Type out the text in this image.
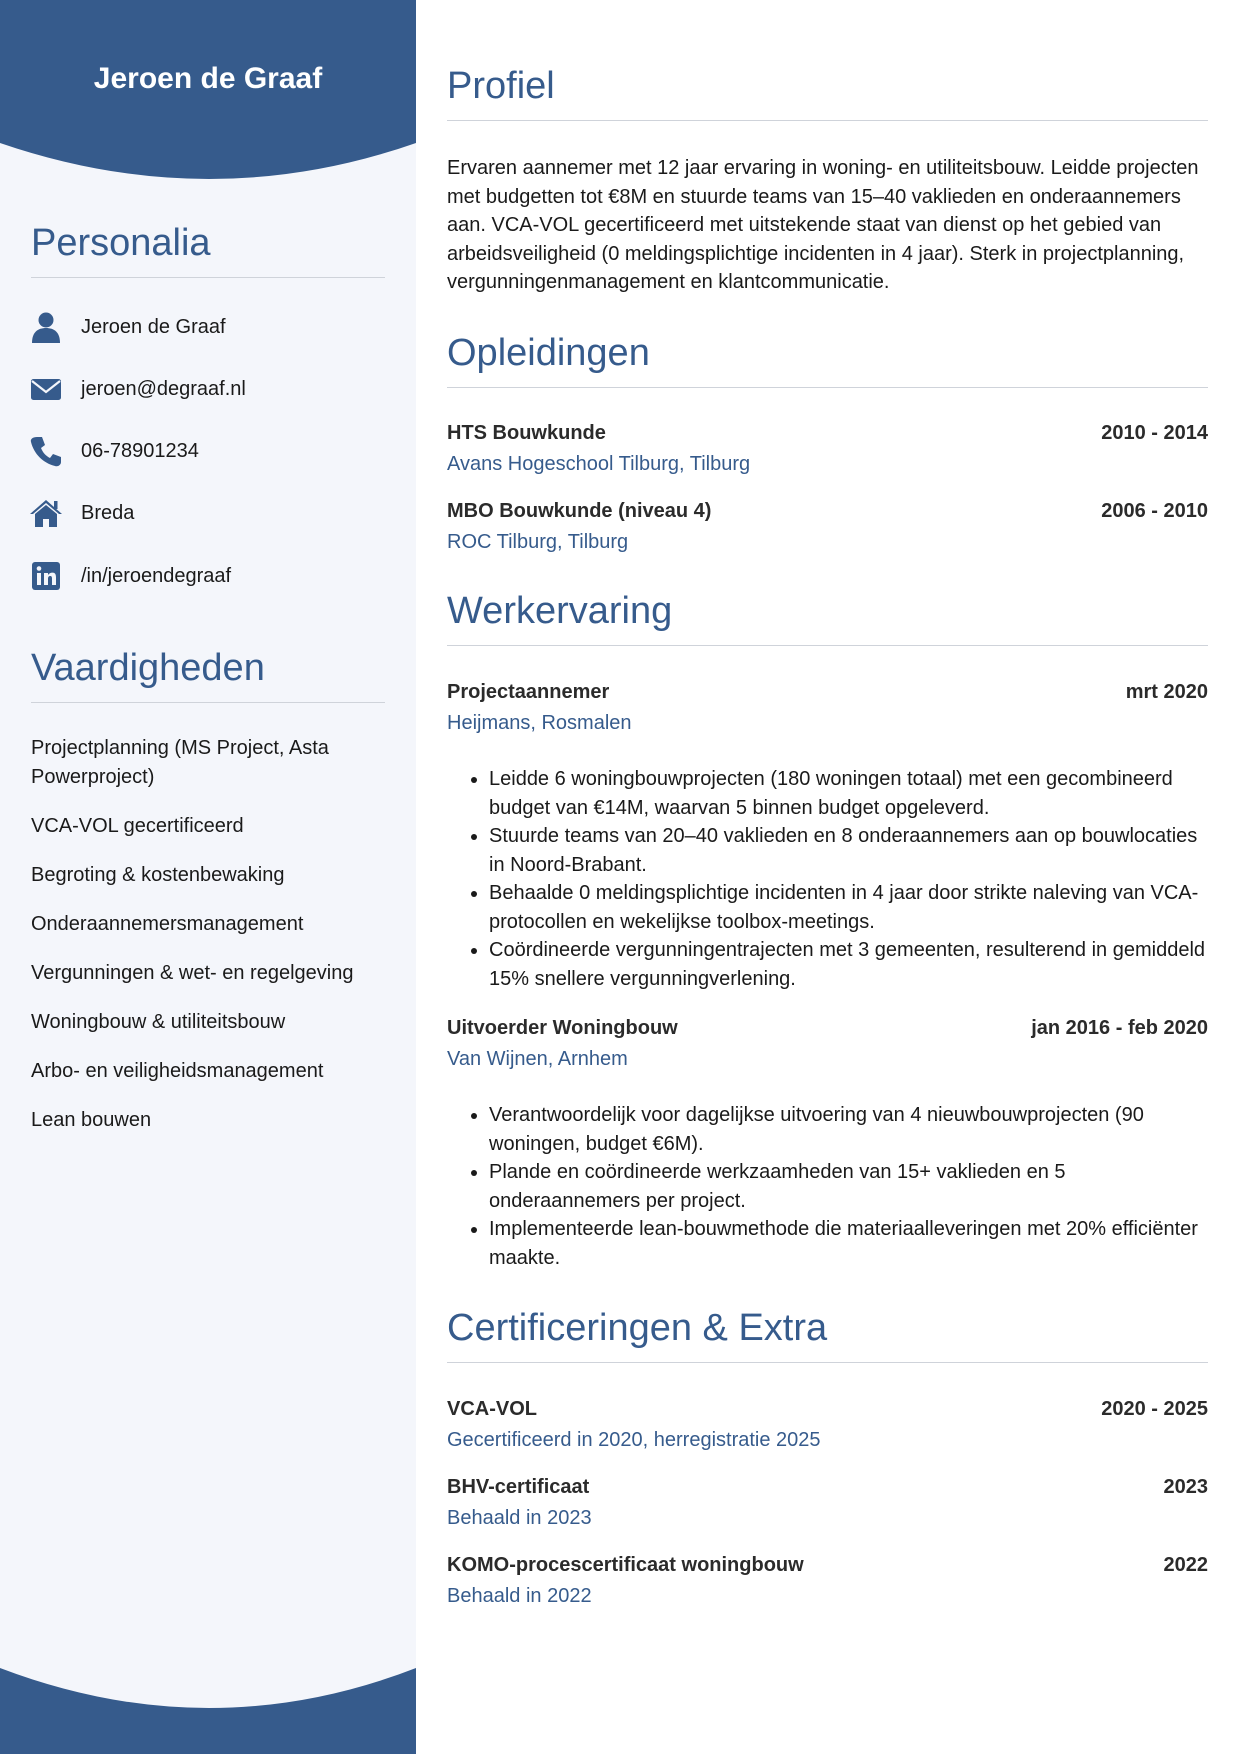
Jeroen de Graaf
Personalia
Jeroen de Graaf
jeroen@degraaf.nl
06-78901234
Breda
/in/jeroendegraaf
Vaardigheden
Projectplanning (MS Project, Asta Powerproject)
VCA-VOL gecertificeerd
Begroting & kostenbewaking
Onderaannemersmanagement
Vergunningen & wet- en regelgeving
Woningbouw & utiliteitsbouw
Arbo- en veiligheidsmanagement
Lean bouwen
Profiel
Ervaren aannemer met 12 jaar ervaring in woning- en utiliteitsbouw. Leidde projecten met budgetten tot €8M en stuurde teams van 15–40 vaklieden en onderaannemers aan. VCA-VOL gecertificeerd met uitstekende staat van dienst op het gebied van arbeidsveiligheid (0 meldingsplichtige incidenten in 4 jaar). Sterk in projectplanning, vergunningenmanagement en klantcommunicatie.
Opleidingen
HTS Bouwkunde	2010 - 2014
Avans Hogeschool Tilburg, Tilburg
MBO Bouwkunde (niveau 4)	2006 - 2010
ROC Tilburg, Tilburg
Werkervaring
Projectaannemer	mrt 2020
Heijmans, Rosmalen
• Leidde 6 woningbouwprojecten (180 woningen totaal) met een gecombineerd budget van €14M, waarvan 5 binnen budget opgeleverd.
• Stuurde teams van 20–40 vaklieden en 8 onderaannemers aan op bouwlocaties in Noord-Brabant.
• Behaalde 0 meldingsplichtige incidenten in 4 jaar door strikte naleving van VCA-protocollen en wekelijkse toolbox-meetings.
• Coördineerde vergunningentrajecten met 3 gemeenten, resulterend in gemiddeld 15% snellere vergunningverlening.
Uitvoerder Woningbouw	jan 2016 - feb 2020
Van Wijnen, Arnhem
• Verantwoordelijk voor dagelijkse uitvoering van 4 nieuwbouwprojecten (90 woningen, budget €6M).
• Plande en coördineerde werkzaamheden van 15+ vaklieden en 5 onderaannemers per project.
• Implementeerde lean-bouwmethode die materiaalleveringen met 20% efficiënter maakte.
Certificeringen & Extra
VCA-VOL	2020 - 2025
Gecertificeerd in 2020, herregistratie 2025
BHV-certificaat	2023
Behaald in 2023
KOMO-procescertificaat woningbouw	2022
Behaald in 2022
